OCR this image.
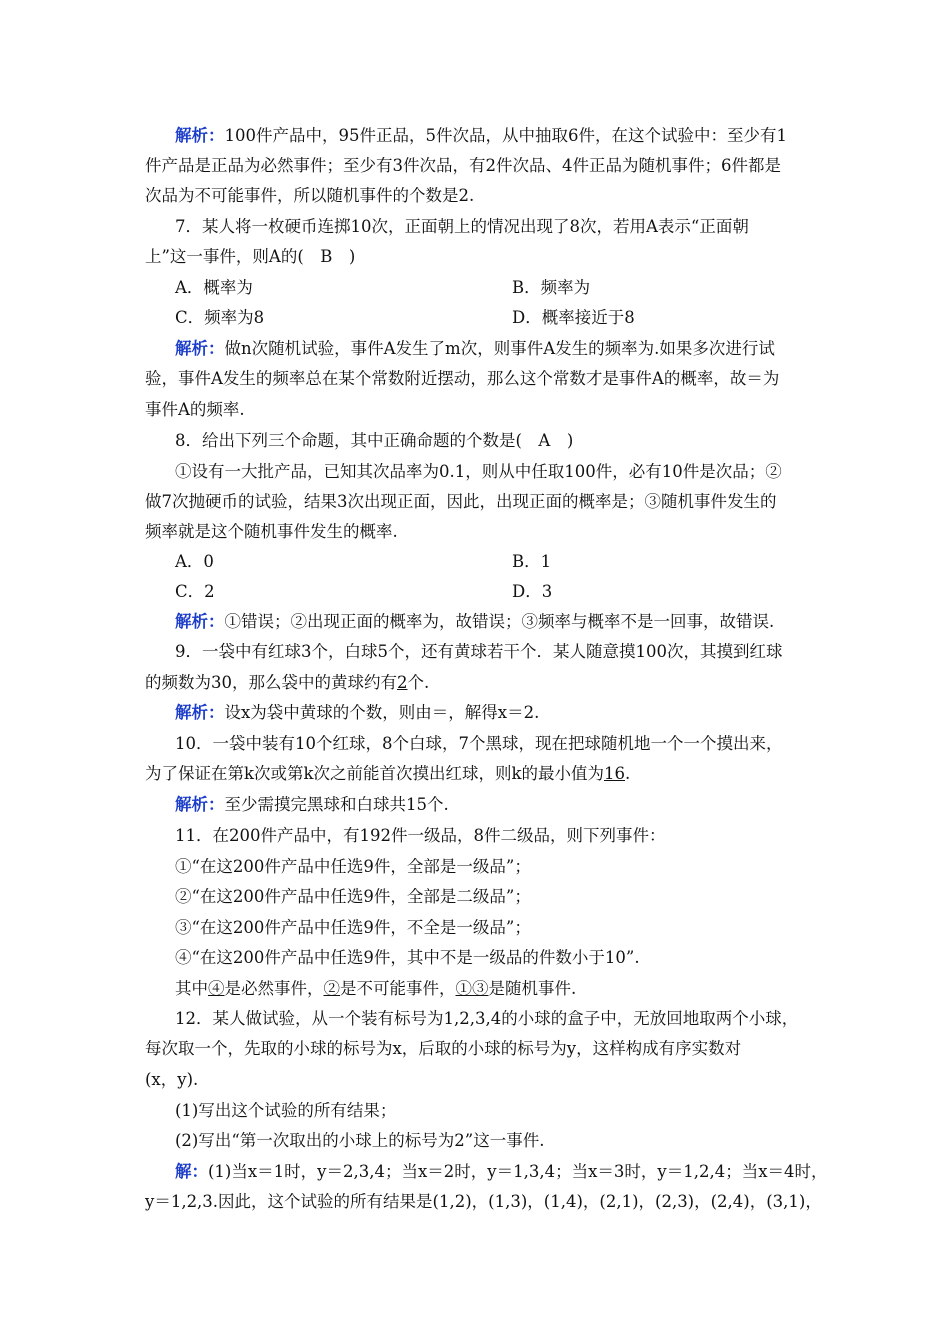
解析：100件产品中，95件正品，5件次品，从中抽取6件，在这个试验中：至少有1
件产品是正品为必然事件；至少有3件次品，有2件次品、4件正品为随机事件；6件都是
次品为不可能事件，所以随机事件的个数是2.
7．某人将一枚硬币连掷10次，正面朝上的情况出现了8次，若用A表示“正面朝
上”这一事件，则A的(　B　)
A．概率为	B．频率为
C．频率为8	D．概率接近于8
解析：做n次随机试验，事件A发生了m次，则事件A发生的频率为.如果多次进行试
验，事件A发生的频率总在某个常数附近摆动，那么这个常数才是事件A的概率，故＝为
事件A的频率.
8．给出下列三个命题，其中正确命题的个数是(　A　)
①设有一大批产品，已知其次品率为0.1，则从中任取100件，必有10件是次品；②
做7次抛硬币的试验，结果3次出现正面，因此，出现正面的概率是；③随机事件发生的
频率就是这个随机事件发生的概率.
A．0	B．1
C．2	D．3
解析：①错误；②出现正面的概率为，故错误；③频率与概率不是一回事，故错误.
9．一袋中有红球3个，白球5个，还有黄球若干个．某人随意摸100次，其摸到红球
的频数为30，那么袋中的黄球约有2个.
解析：设x为袋中黄球的个数，则由＝，解得x＝2.
10．一袋中装有10个红球，8个白球，7个黑球，现在把球随机地一个一个摸出来，
为了保证在第k次或第k次之前能首次摸出红球，则k的最小值为16.
解析：至少需摸完黑球和白球共15个.
11．在200件产品中，有192件一级品，8件二级品，则下列事件：
①“在这200件产品中任选9件，全部是一级品”；
②“在这200件产品中任选9件，全部是二级品”；
③“在这200件产品中任选9件，不全是一级品”；
④“在这200件产品中任选9件，其中不是一级品的件数小于10”.
其中④是必然事件，②是不可能事件，①③是随机事件.
12．某人做试验，从一个装有标号为1,2,3,4的小球的盒子中，无放回地取两个小球，
每次取一个，先取的小球的标号为x，后取的小球的标号为y，这样构成有序实数对
(x，y).
(1)写出这个试验的所有结果；
(2)写出“第一次取出的小球上的标号为2”这一事件.
解：(1)当x＝1时，y＝2,3,4；当x＝2时，y＝1,3,4；当x＝3时，y＝1,2,4；当x＝4时，
y＝1,2,3.因此，这个试验的所有结果是(1,2)，(1,3)，(1,4)，(2,1)，(2,3)，(2,4)，(3,1)，
